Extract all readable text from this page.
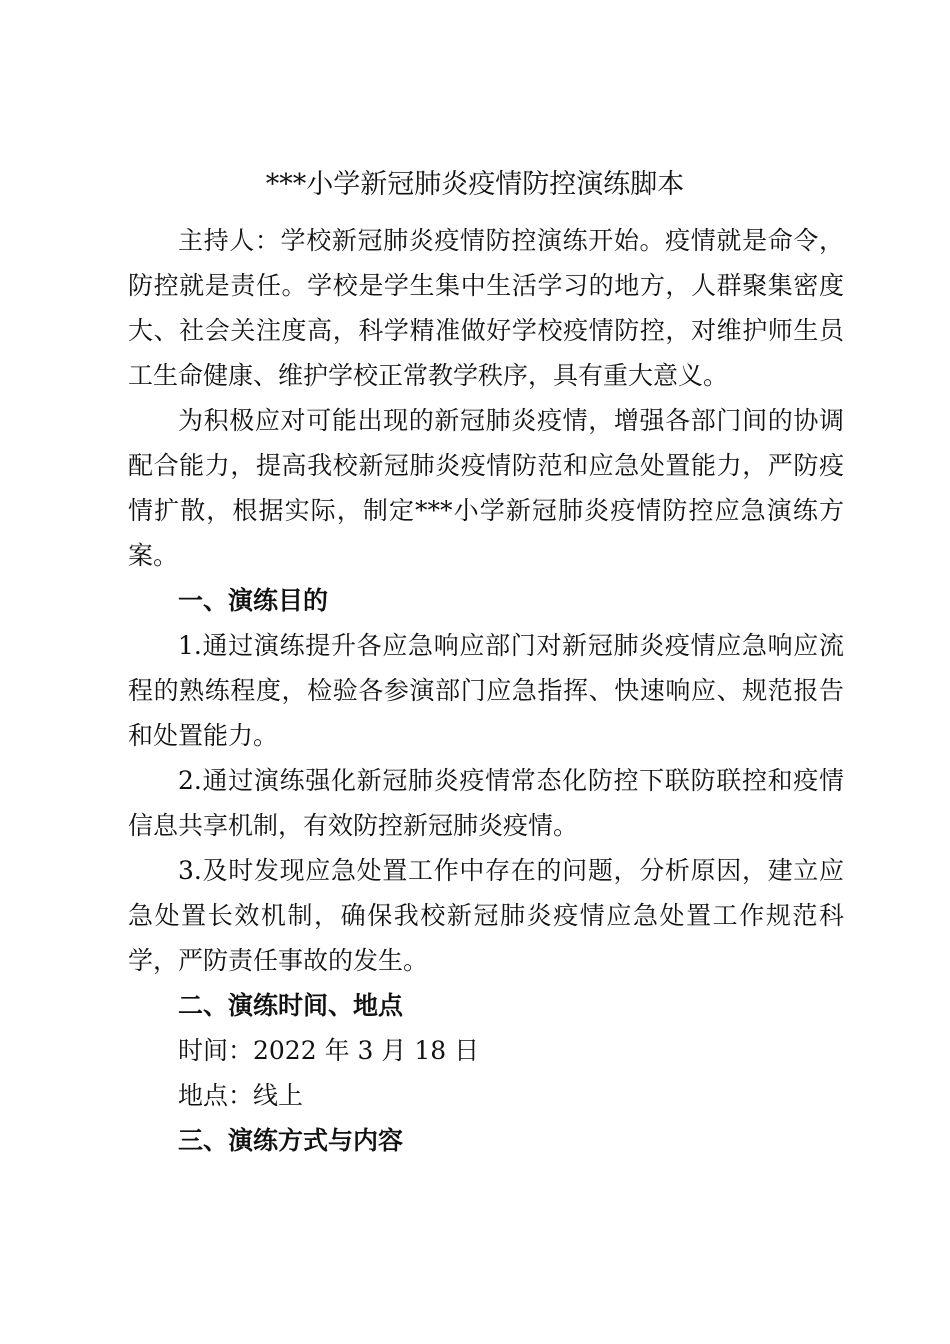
***小学新冠肺炎疫情防控演练脚本

主持人：学校新冠肺炎疫情防控演练开始。疫情就是命令，防控就是责任。学校是学生集中生活学习的地方，人群聚集密度大、社会关注度高，科学精准做好学校疫情防控，对维护师生员工生命健康、维护学校正常教学秩序，具有重大意义。

为积极应对可能出现的新冠肺炎疫情，增强各部门间的协调配合能力，提高我校新冠肺炎疫情防范和应急处置能力，严防疫情扩散，根据实际，制定***小学新冠肺炎疫情防控应急演练方案。

一、演练目的

1.通过演练提升各应急响应部门对新冠肺炎疫情应急响应流程的熟练程度，检验各参演部门应急指挥、快速响应、规范报告和处置能力。

2.通过演练强化新冠肺炎疫情常态化防控下联防联控和疫情信息共享机制，有效防控新冠肺炎疫情。

3.及时发现应急处置工作中存在的问题，分析原因，建立应急处置长效机制，确保我校新冠肺炎疫情应急处置工作规范科学，严防责任事故的发生。

二、演练时间、地点

时间：2022 年 3 月 18 日

地点：线上

三、演练方式与内容
